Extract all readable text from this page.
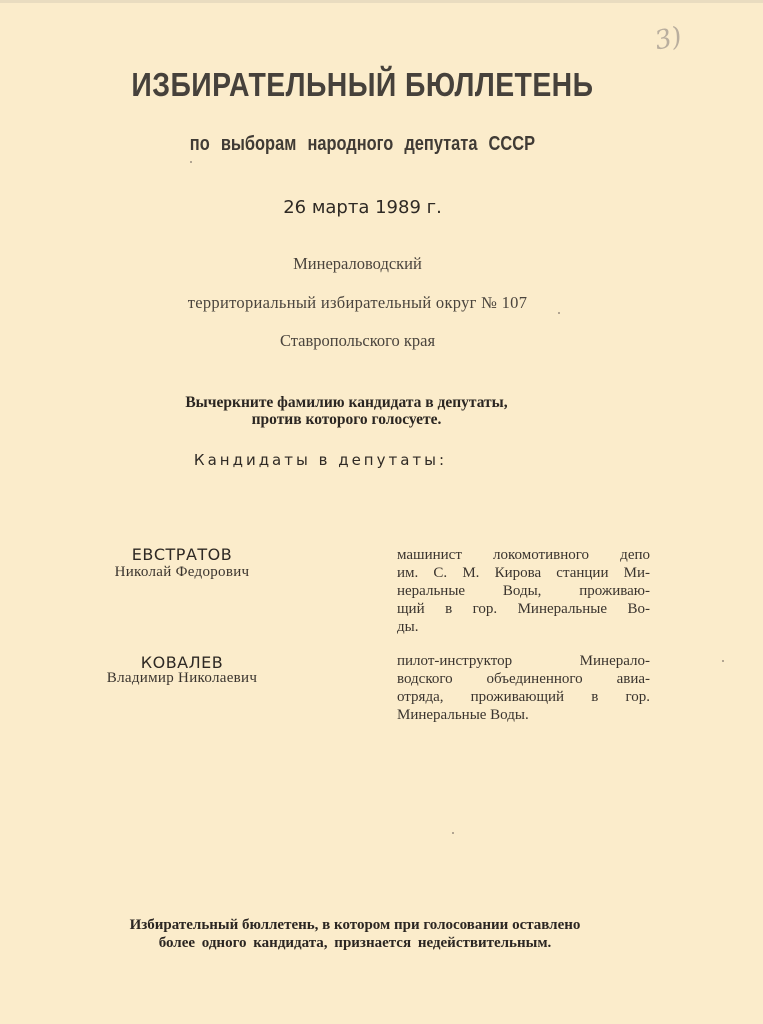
3)
ИЗБИРАТЕЛЬНЫЙ БЮЛЛЕТЕНЬ
по выборам народного депутата СССР
26 марта 1989 г.
Минераловодский
территориальный избирательный округ № 107
Ставропольского края
Вычеркните фамилию кандидата в депутаты,
против которого голосуете.
Кандидаты в депутаты:
ЕВСТРАТОВ
Николай Федорович
машинист локомотивного депо
им. С. М. Кирова станции Ми-
неральные Воды, проживаю-
щий в гор. Минеральные Во-
ды.
КОВАЛЕВ
Владимир Николаевич
пилот-инструктор Минерало-
водского объединенного авиа-
отряда, проживающий в гор.
Минеральные Воды.
Избирательный бюллетень, в котором при голосовании оставлено
более одного кандидата, признается недействительным.
